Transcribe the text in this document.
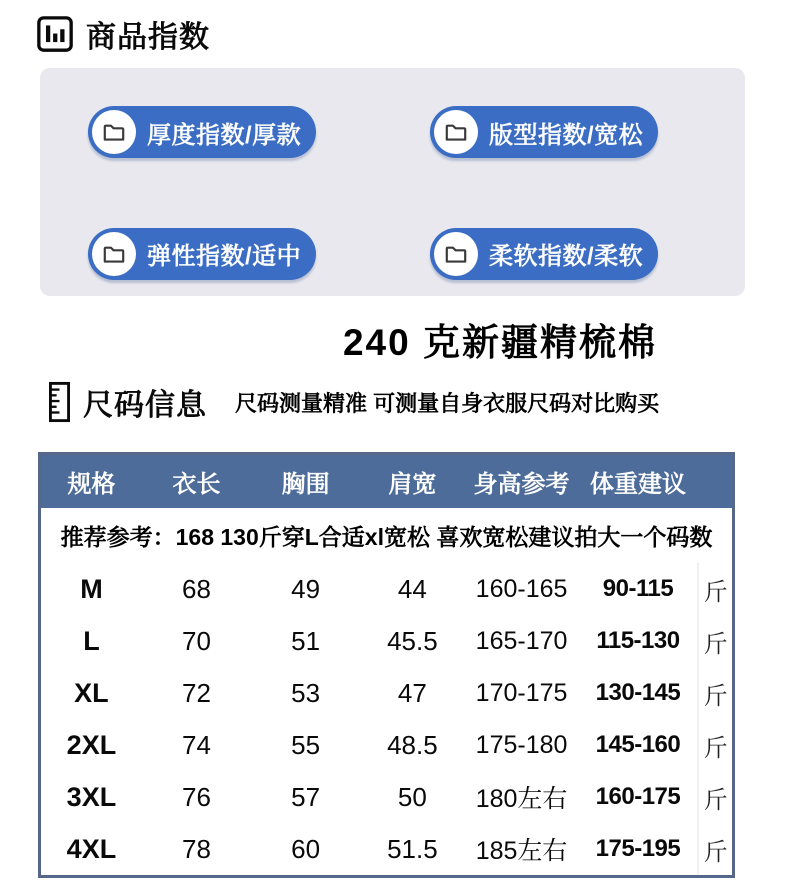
商品指数
厚度指数/厚款	版型指数/宽松
弹性指数/适中	柔软指数/柔软
240 克新疆精梳棉
尺码信息 尺码测量精准 可测量自身衣服尺码对比购买
规格	衣长	胸围	肩宽	身高参考 体重建议
推荐参考：168 130斤穿L合适xl宽松 喜欢宽松建议拍大一个码数
M	68	49	44	160-165	90-115	斤
L	70	51	45.5	165-170	115-130	斤
XL	72	53	47	170-175	130-145 斤
2XL	74	55	48.5	175-180	145-160 斤
3XL	76	57	50	180左右	160-175 斤
4XL	78	60	51.5	185左右	175-195 斤
